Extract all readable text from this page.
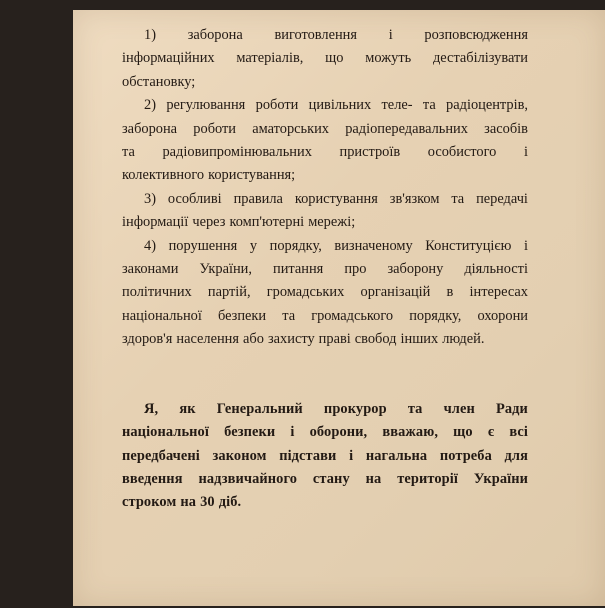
1) заборона виготовлення і розповсюдження
інформаційних матеріалів, що можуть дестабілізувати
обстановку;
2) регулювання роботи цивільних теле- та радіоцентрів,
заборона роботи аматорських радіопередавальних засобів
та радіовипромінювальних пристроїв особистого і
колективного користування;
3) особливі правила користування зв'язком та передачі
інформації через комп'ютерні мережі;
4) порушення у порядку, визначеному Конституцією і
законами України, питання про заборону діяльності
політичних партій, громадських організацій в інтересах
національної безпеки та громадського порядку, охорони
здоров'я населення або захисту праві свобод інших людей.
Я, як Генеральний прокурор та член Ради
національної безпеки і оборони, вважаю, що є всі
передбачені законом підстави і нагальна потреба для
введення надзвичайного стану на території України
строком на 30 діб.
